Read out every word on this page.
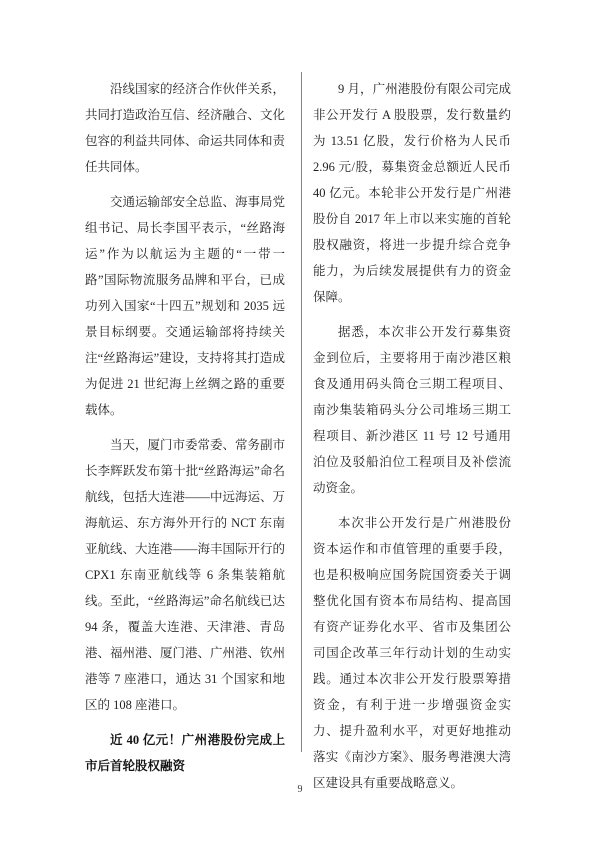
沿线国家的经济合作伙伴关系，共同打造政治互信、经济融合、文化包容的利益共同体、命运共同体和责任共同体。

交通运输部安全总监、海事局党组书记、局长李国平表示，“丝路海运”作为以航运为主题的“一带一路”国际物流服务品牌和平台，已成功列入国家“十四五”规划和 2035 远景目标纲要。交通运输部将持续关注“丝路海运”建设，支持将其打造成为促进 21 世纪海上丝绸之路的重要载体。

当天，厦门市委常委、常务副市长李辉跃发布第十批“丝路海运”命名航线，包括大连港——中远海运、万海航运、东方海外开行的 NCT 东南亚航线、大连港——海丰国际开行的 CPX1 东南亚航线等 6 条集装箱航线。至此，“丝路海运”命名航线已达 94 条，覆盖大连港、天津港、青岛港、福州港、厦门港、广州港、钦州港等 7 座港口，通达 31 个国家和地区的 108 座港口。

近 40 亿元！广州港股份完成上市后首轮股权融资

9 月，广州港股份有限公司完成非公开发行 A 股股票，发行数量约为 13.51 亿股，发行价格为人民币 2.96 元/股，募集资金总额近人民币 40 亿元。本轮非公开发行是广州港股份自 2017 年上市以来实施的首轮股权融资，将进一步提升综合竞争能力，为后续发展提供有力的资金保障。

据悉，本次非公开发行募集资金到位后，主要将用于南沙港区粮食及通用码头筒仓三期工程项目、南沙集装箱码头分公司堆场三期工程项目、新沙港区 11 号 12 号通用泊位及驳船泊位工程项目及补偿流动资金。

本次非公开发行是广州港股份资本运作和市值管理的重要手段，也是积极响应国务院国资委关于调整优化国有资本布局结构、提高国有资产证券化水平、省市及集团公司国企改革三年行动计划的生动实践。通过本次非公开发行股票筹措资金，有利于进一步增强资金实力、提升盈利水平，对更好地推动落实《南沙方案》、服务粤港澳大湾区建设具有重要战略意义。

9
